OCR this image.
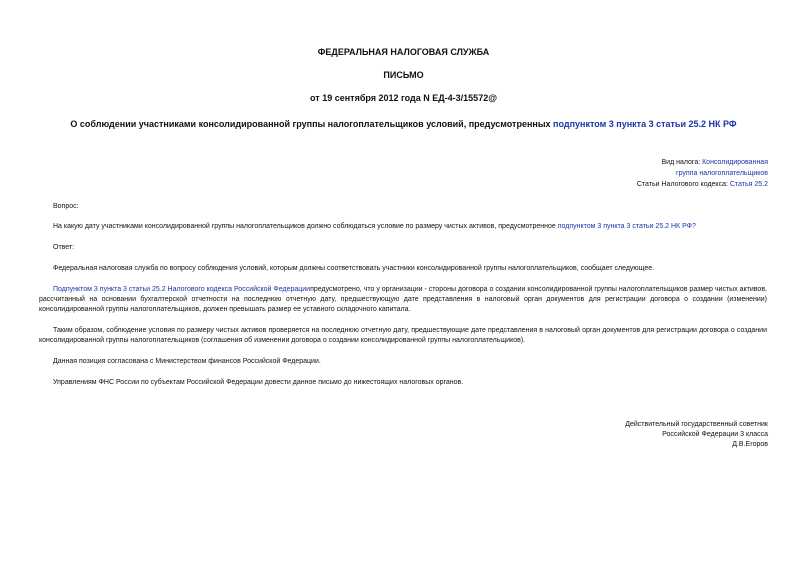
ФЕДЕРАЛЬНАЯ НАЛОГОВАЯ СЛУЖБА
ПИСЬМО
от 19 сентября 2012 года N ЕД-4-3/15572@
О соблюдении участниками консолидированной группы налогоплательщиков условий, предусмотренных подпунктом 3 пункта 3 статьи 25.2 НК РФ
Вид налога: Консолидированная
группа налогоплательщиков
Статьи Налогового кодекса: Статья 25.2
Вопрос:
На какую дату участниками консолидированной группы налогоплательщиков должно соблюдаться условие по размеру чистых активов, предусмотренное подпунктом 3 пункта 3 статьи 25.2 НК РФ?
Ответ:
Федеральная налоговая служба по вопросу соблюдения условий, которым должны соответствовать участники консолидированной группы налогоплательщиков, сообщает следующее.
Подпунктом 3 пункта 3 статьи 25.2 Налогового кодекса Российской Федерациипредусмотрено, что у организации - стороны договора о создании консолидированной группы налогоплательщиков размер чистых активов, рассчитанный на основании бухгалтерской отчетности на последнюю отчетную дату, предшествующую дате представления в налоговый орган документов для регистрации договора о создании (изменении) консолидированной группы налогоплательщиков, должен превышать размер ее уставного складочного капитала.
Таким образом, соблюдение условия по размеру чистых активов проверяется на последнюю отчетную дату, предшествующие дате представления в налоговый орган документов для регистрации договора о создании консолидированной группы налогоплательщиков (соглашения об изменении договора о создании консолидированной группы налогоплательщиков).
Данная позиция согласована с Министерством финансов Российской Федерации.
Управлениям ФНС России по субъектам Российской Федерации довести данное письмо до нижестоящих налоговых органов.
Действительный государственный советник
Российской Федерации 3 класса
Д.В.Егоров
